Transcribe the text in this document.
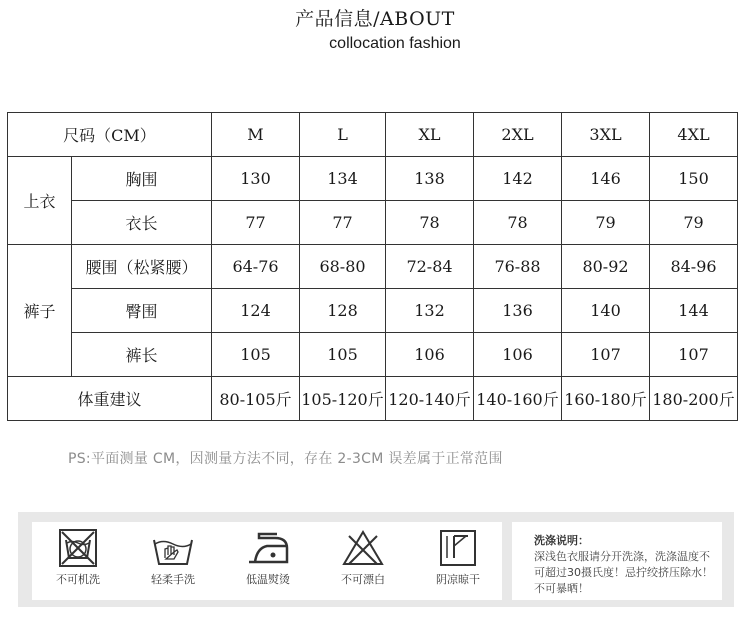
产品信息/ABOUT
collocation fashion
尺码（CM）		M	L	XL	2XL	3XL	4XL
上衣	胸围	130	134	138	142	146	150
	衣长	77	77	78	78	79	79
裤子	腰围（松紧腰）	64-76	68-80	72-84	76-88	80-92	84-96
	臀围	124	128	132	136	140	144
	裤长	105	105	106	106	107	107
体重建议		80-105斤	105-120斤	120-140斤	140-160斤	160-180斤	180-200斤
PS:平面测量 CM，因测量方法不同，存在 2-3CM 误差属于正常范围
不可机洗	轻柔手洗	低温熨烫	不可漂白	阴凉晾干
洗涤说明：
深浅色衣服请分开洗涤，洗涤温度不可超过30摄氏度！忌拧绞挤压除水！不可暴晒！
